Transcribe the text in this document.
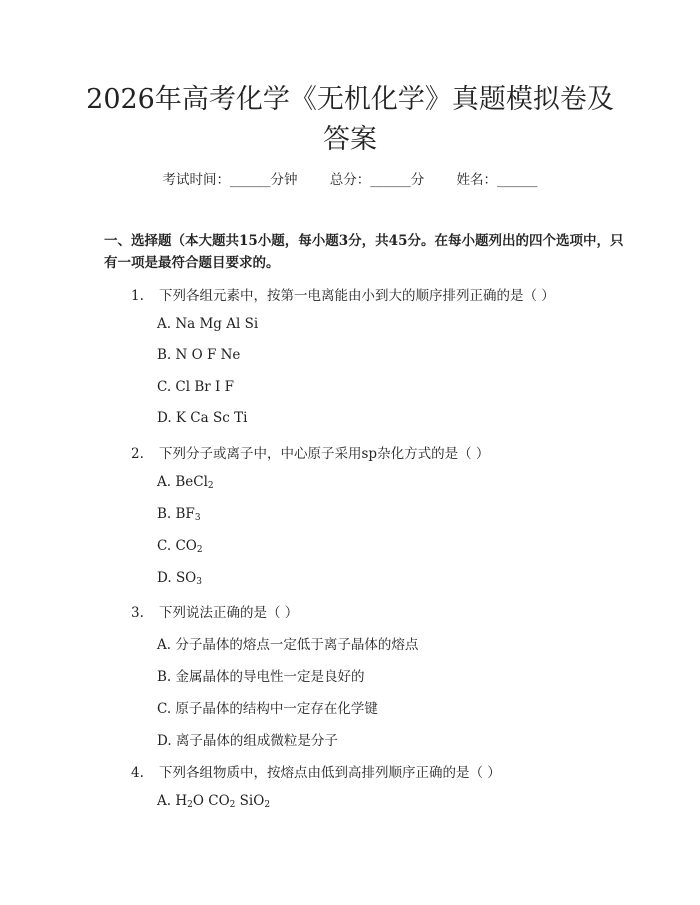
2026年高考化学《无机化学》真题模拟卷及
答案
考试时间：______分钟 总分：______分 姓名：______
一、选择题（本大题共15小题，每小题3分，共45分。在每小题列出的四个选项中，只有一项是最符合题目要求的。
1. 下列各组元素中，按第一电离能由小到大的顺序排列正确的是（ ）
A. Na Mg Al Si
B. N O F Ne
C. Cl Br I F
D. K Ca Sc Ti
2. 下列分子或离子中，中心原子采用sp杂化方式的是（ ）
A. BeCl$_2$
B. $BF_3$
C. $CO_2$
D. $SO_3$
3. 下列说法正确的是（ ）
A. 分子晶体的熔点一定低于离子晶体的熔点
B. 金属晶体的导电性一定是良好的
C. 原子晶体的结构中一定存在化学键
D. 离子晶体的组成微粒是分子
4. 下列各组物质中，按熔点由低到高排列顺序正确的是（ ）
A. $H_2O$ $CO_2$ SiO$_2$
